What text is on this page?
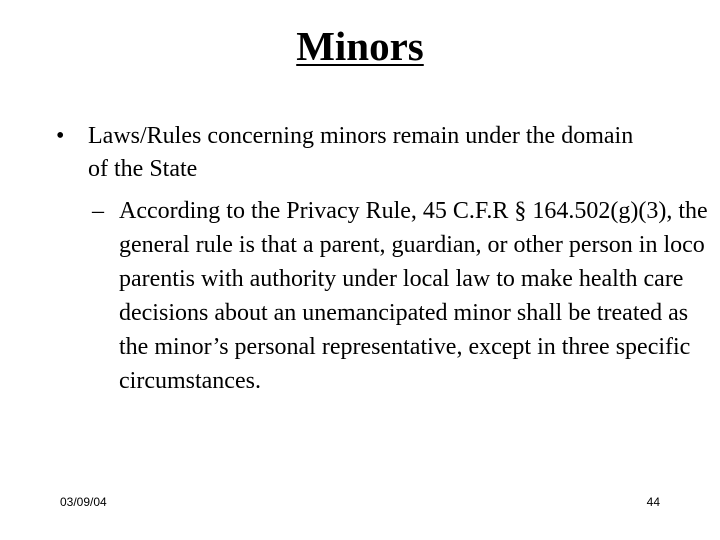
Minors
• Laws/Rules concerning minors remain under the domain of the State
– According to the Privacy Rule, 45 C.F.R § 164.502(g)(3), the general rule is that a parent, guardian, or other person in loco parentis with authority under local law to make health care decisions about an unemancipated minor shall be treated as the minor’s personal representative, except in three specific circumstances.
03/09/04	44
